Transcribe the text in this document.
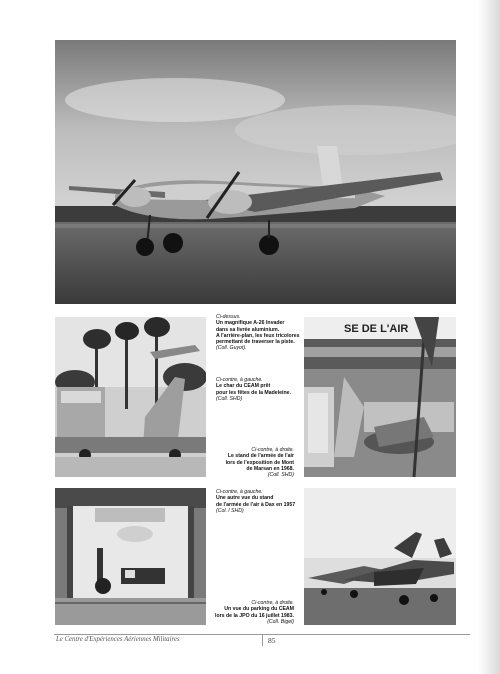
Ci-dessus.
Un magnifique A-26 Invader
dans sa livrée aluminium.
A l'arrière-plan, les feux tricolores
permettant de traverser la piste.
(Coll. Guyot).
Ci-contre, à gauche.
Le char du CEAM prêt
pour les fêtes de la Madeleine.
(Coll. SHD)
Ci-contre, à droite.
Le stand de l'armée de l'air
lors de l'exposition de Mont
de Marsan en 1968.
(Coll. SHD)
Ci-contre, à gauche.
Une autre vue du stand
de l'armée de l'air à Dax en 1957
(Col. l SHD)
Ci-contre, à droite.
Un vue du parking du CEAM
lors de la JPO du 16 juillet 1983.
(Coll. Bigel)
SE DE L'AIR
Le Centre d'Expériences Aériennes Militaires	85
